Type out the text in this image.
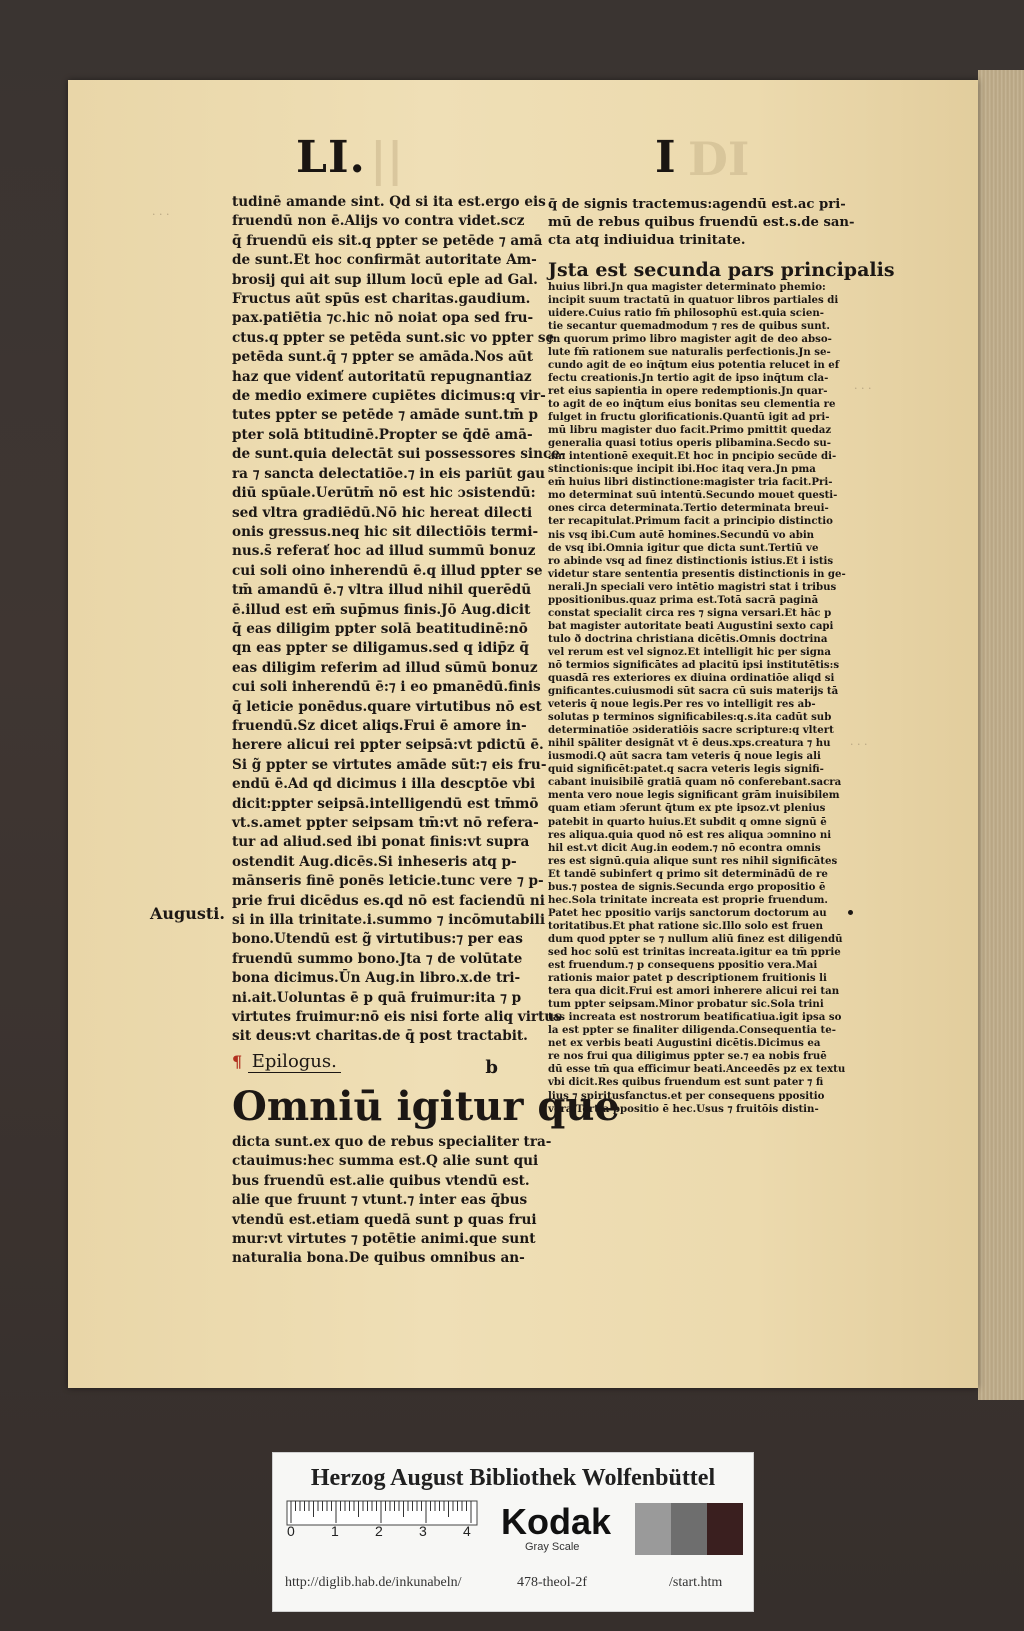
||	DI
· · ·
· · ·
· · ·
LI.	I
Augusti.
tudinē amande sint. Qd si ita est.ergo eis
fruendū non ē.Alijs vo contra videt.scz
q̄ fruendū eis sit.q ppter se petēde ⁊ amā
de sunt.Et hoc confirmāt autoritate Am-
brosij qui ait sup illum locū eple ad Gal.
Fructus aūt spūs est charitas.gaudium.
pax.patiētia ⁊c.hic nō noiat opa sed fru-
ctus.q ppter se petēda sunt.sic vo ppter se
petēda sunt.q̄ ⁊ ppter se amāda.Nos aūt
haz que videnť autoritatū repugnantiaz
de medio eximere cupiētes dicimus:q vir-
tutes ppter se petēde ⁊ amāde sunt.tm̄ p
pter solā btitudinē.Propter se q̄dē amā-
de sunt.quia delectāt sui possessores since-
ra ⁊ sancta delectatiōe.⁊ in eis pariūt gau
diū spūale.Uerūtm̄ nō est hic ɔsistendū:
sed vltra gradiēdū.Nō hic hereat dilecti
onis gressus.neq hic sit dilectiōis termi-
nus.s̄ referať hoc ad illud summū bonuz
cui soli oino inherendū ē.q illud ppter se
tm̄ amandū ē.⁊ vltra illud nihil querēdū
ē.illud est em̄ sup̄mus finis.Jō Aug.dicit
q̄ eas diligim ppter solā beatitudinē:nō
qn eas ppter se diligamus.sed q idip̄z q̄
eas diligim referim ad illud sūmū bonuz
cui soli inherendū ē:⁊ i eo pmanēdū.finis
q̄ leticie ponēdus.quare virtutibus nō est
fruendū.Sz dicet aliqs.Frui ē amore in-
herere alicui rei ppter seipsā:vt pdictū ē.
Si g̃ ppter se virtutes amāde sūt:⁊ eis fru-
endū ē.Ad qd dicimus i illa descptōe vbi
dicit:ppter seipsā.intelligendū est tm̄mō
vt.s.amet ppter seipsam tm̄:vt nō refera-
tur ad aliud.sed ibi ponat finis:vt supra
ostendit Aug.dicēs.Si inheseris atq p-
mānseris finē ponēs leticie.tunc vere ⁊ p-
prie frui dicēdus es.qd nō est faciendū ni
si in illa trinitate.i.summo ⁊ incōmutabili
bono.Utendū est g̃ virtutibus:⁊ per eas
fruendū summo bono.Jta ⁊ de volūtate
bona dicimus.Ūn Aug.in libro.x.de tri-
ni.ait.Uoluntas ē p quā fruimur:ita ⁊ p
virtutes fruimur:nō eis nisi forte aliq virtus
sit deus:vt charitas.de q̄ post tractabit.
¶ Epilogus.	b
Omniū igitur que
dicta sunt.ex quo de rebus specialiter tra-
ctauimus:hec summa est.Q alie sunt qui
bus fruendū est.alie quibus vtendū est.
alie que fruunt ⁊ vtunt.⁊ inter eas q̄bus
vtendū est.etiam quedā sunt p quas frui
mur:vt virtutes ⁊ potētie animi.que sunt
naturalia bona.De quibus omnibus an-
q̄ de signis tractemus:agendū est.ac pri-
mū de rebus quibus fruendū est.s.de san-
cta atq indiuidua trinitate.
Jsta est secunda pars principalis
huius libri.Jn qua magister determinato phemio:
incipit suum tractatū in quatuor libros partiales di
uidere.Cuius ratio fm̄ philosophū est.quia scien-
tie secantur quemadmodum ⁊ res de quibus sunt.
Jn quorum primo libro magister agit de deo abso-
lute fm̄ rationem sue naturalis perfectionis.Jn se-
cundo agit de eo inq̄tum eius potentia relucet in ef
fectu creationis.Jn tertio agit de ipso inq̄tum cla-
ret eius sapientia in opere redemptionis.Jn quar-
to agit de eo inq̄tum eius bonitas seu clementia re
fulget in fructu glorificationis.Quantū igit ad pri-
mū libru magister duo facit.Primo pmittit quedaz
generalia quasi totius operis plibamina.Secdo su-
am intentionē exequit.Et hoc in pncipio secūde di-
stinctionis:que incipit ibi.Hoc itaq vera.Jn pma
em̄ huius libri distinctione:magister tria facit.Pri-
mo determinat suū intentū.Secundo mouet questi-
ones circa determinata.Tertio determinata breui-
ter recapitulat.Primum facit a principio distinctio
nis vsq ibi.Cum autē homines.Secundū vo abin
de vsq ibi.Omnia igitur que dicta sunt.Tertiū ve
ro abinde vsq ad finez distinctionis istius.Et i istis
videtur stare sententia presentis distinctionis in ge-
nerali.Jn speciali vero intētio magistri stat i tribus
ppositionibus.quaz prima est.Totā sacrā paginā
constat specialit circa res ⁊ signa versari.Et hāc p
bat magister autoritate beati Augustini sexto capi
tulo ð doctrina christiana dicētis.Omnis doctrina
vel rerum est vel signoz.Et intelligit hic per signa
nō termios significātes ad placitū ipsi institutētis:s
quasdā res exteriores ex diuina ordinatiōe aliqd si
gnificantes.cuiusmodi sūt sacra cū suis materijs tā
veteris q̄ noue legis.Per res vo intelligit res ab-
solutas p terminos significabiles:q.s.ita cadūt sub
determinatiōe ɔsideratiōis sacre scripture:q vltert
nihil spāliter designāt vt ē deus.xps.creatura ⁊ hu
iusmodi.Q aūt sacra tam veteris q̄ noue legis ali
quid significēt:patet.q sacra veteris legis signifi-
cabant inuisibilē gratiā quam nō conferebant.sacra
menta vero noue legis significant grām inuisibilem
quam etiam ɔferunt q̄tum ex pte ipsoz.vt plenius
patebit in quarto huius.Et subdit q omne signū ē
res aliqua.quia quod nō est res aliqua ɔomnino ni
hil est.vt dicit Aug.in eodem.⁊ nō econtra omnis
res est signū.quia alique sunt res nihil significātes
Et tandē subinfert q primo sit determinādū de re
bus.⁊ postea de signis.Secunda ergo propositio ē
hec.Sola trinitate increata est proprie fruendum.
Patet hec ppositio varijs sanctorum doctorum au
toritatibus.Et phat ratione sic.Illo solo est fruen
dum quod ppter se ⁊ nullum aliū finez est diligendū
sed hoc solū est trinitas increata.igitur ea tm̄ pprie
est fruendum.⁊ p consequens ppositio vera.Mai
rationis maior patet p descriptionem fruitionis li
tera qua dicit.Frui est amori inherere alicui rei tan
tum ppter seipsam.Minor probatur sic.Sola trini
tas increata est nostrorum beatificatiua.igit ipsa so
la est ppter se finaliter diligenda.Consequentia te-
net ex verbis beati Augustini dicētis.Dicimus ea
re nos frui qua diligimus ppter se.⁊ ea nobis fruē
dū esse tm̄ qua efficimur beati.Anceedēs pz ex textu
vbi dicit.Res quibus fruendum est sunt pater ⁊ fi
lius ⁊ spiritusfanctus.et per consequens ppositio
vera.Tertia ppositio ē hec.Usus ⁊ fruitōis distin-
Herzog August Bibliothek Wolfenbüttel
0	1	2	3	4 Kodak
Gray Scale
http://diglib.hab.de/inkunabeln/	478-theol-2f	/start.htm
